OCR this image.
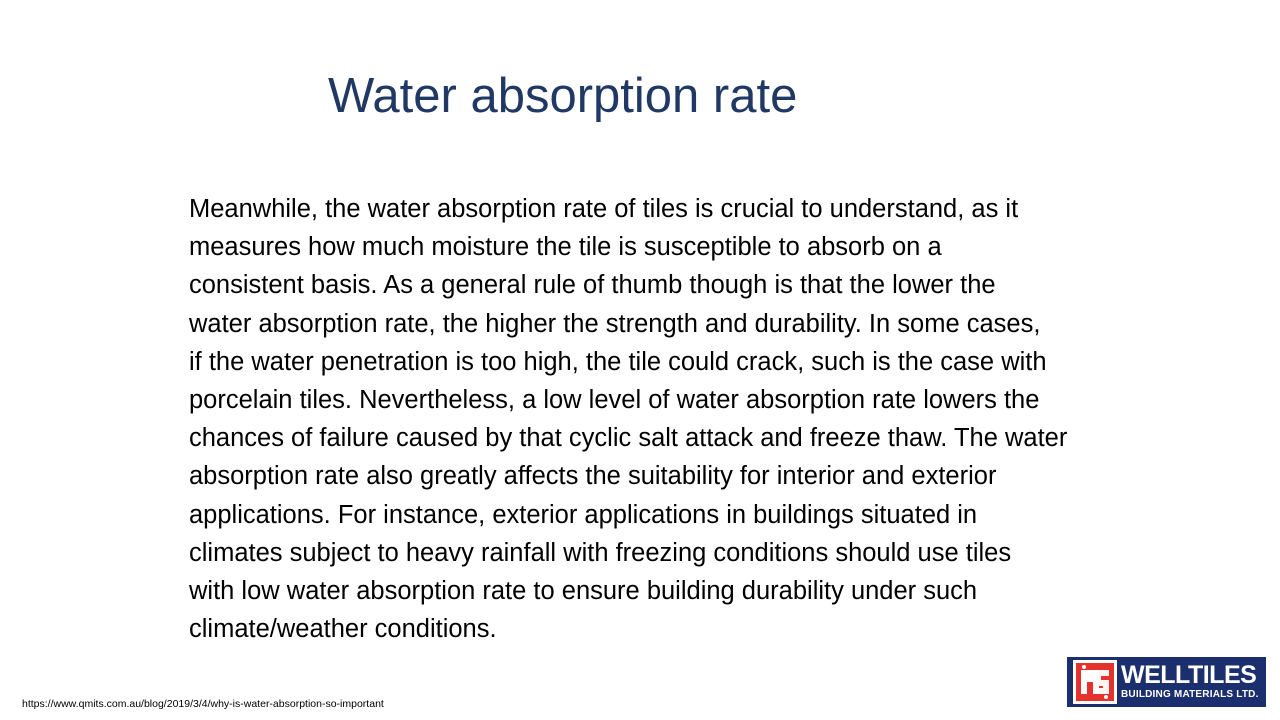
Water absorption rate
Meanwhile, the water absorption rate of tiles is crucial to understand, as it
measures how much moisture the tile is susceptible to absorb on a
consistent basis. As a general rule of thumb though is that the lower the
water absorption rate, the higher the strength and durability. In some cases,
if the water penetration is too high, the tile could crack, such is the case with
porcelain tiles. Nevertheless, a low level of water absorption rate lowers the
chances of failure caused by that cyclic salt attack and freeze thaw. The water
absorption rate also greatly affects the suitability for interior and exterior
applications. For instance, exterior applications in buildings situated in
climates subject to heavy rainfall with freezing conditions should use tiles
with low water absorption rate to ensure building durability under such
climate/weather conditions.
https://www.qmits.com.au/blog/2019/3/4/why-is-water-absorption-so-important
WELLTILES
BUILDING MATERIALS LTD.
